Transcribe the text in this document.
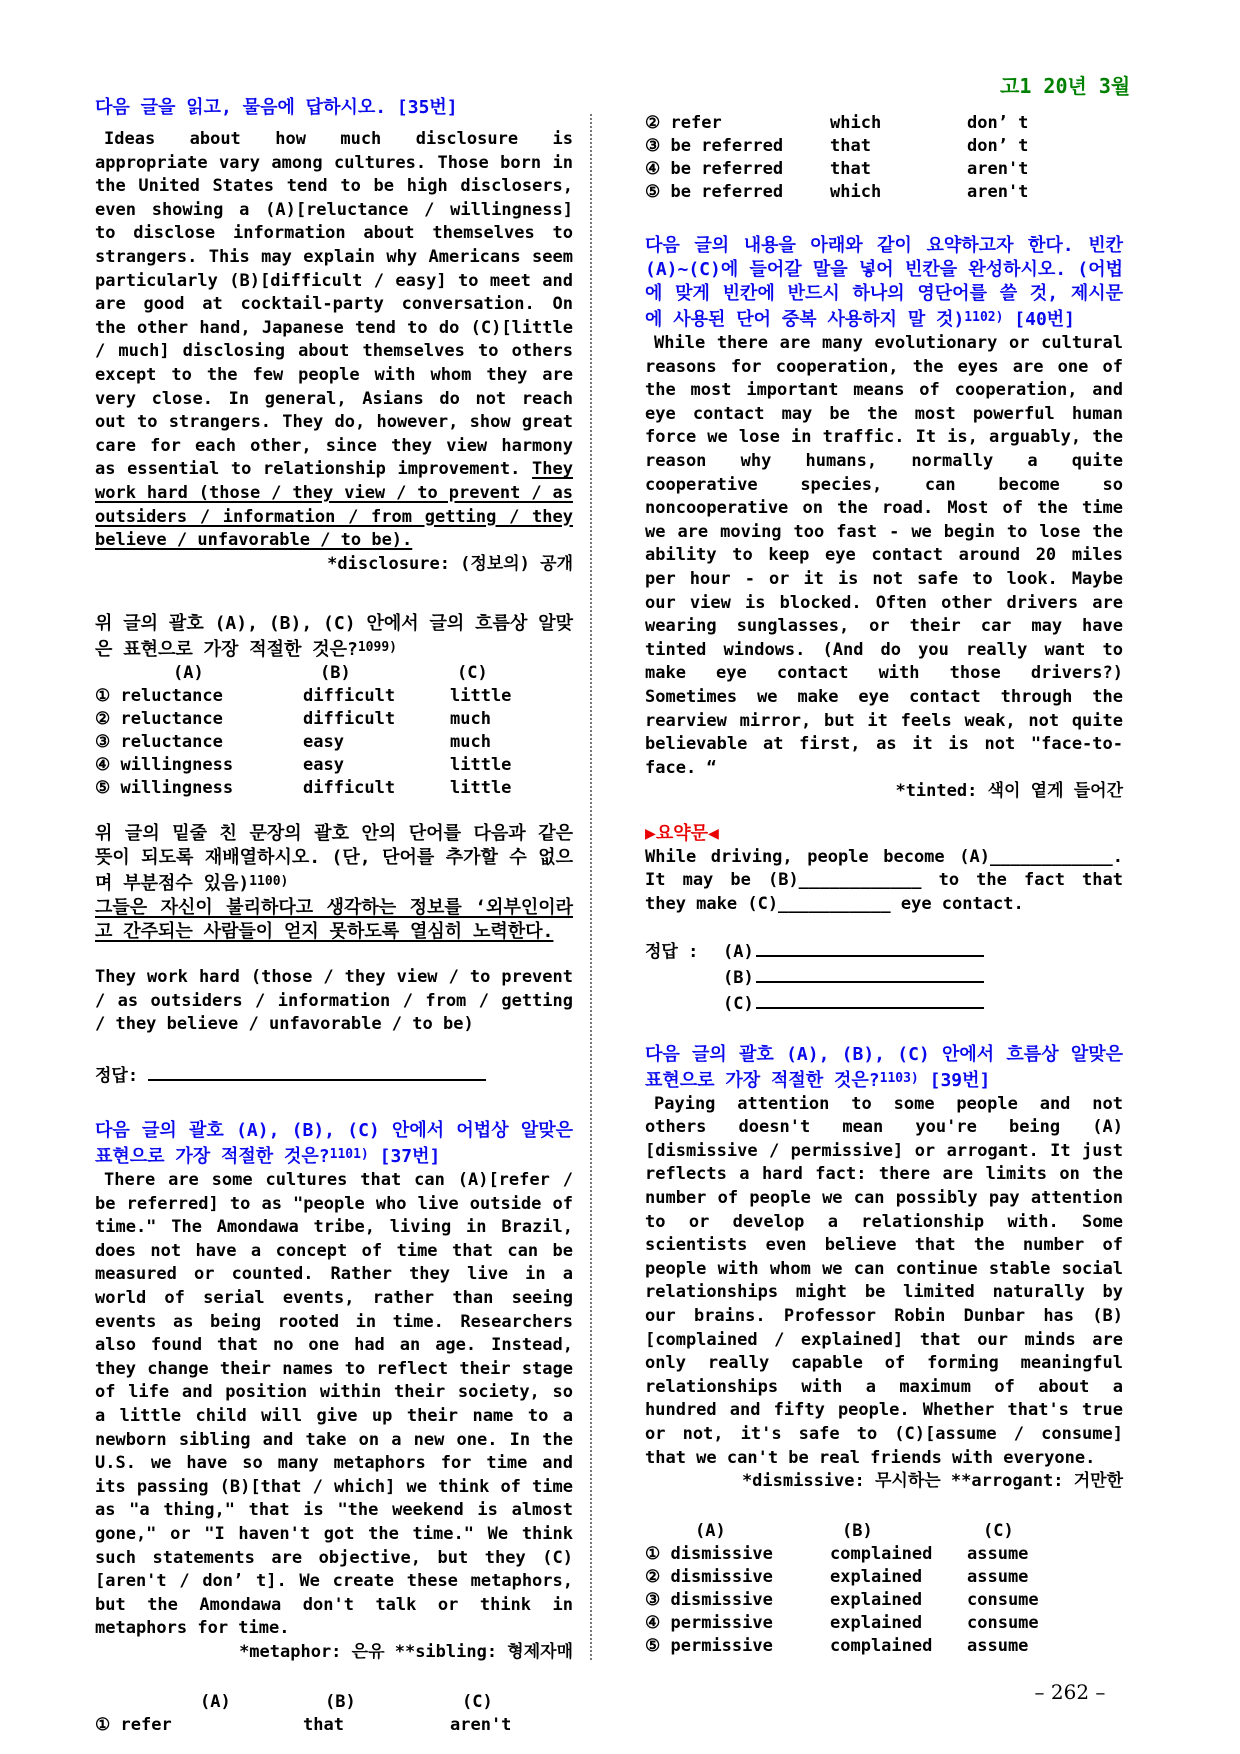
고1 20년 3월
다음 글을 읽고, 물음에 답하시오. [35번]
Ideas about how much disclosure is appropriate vary among cultures. Those born in the United States tend to be high disclosers, even showing a (A)[reluctance / willingness] to disclose information about themselves to strangers. This may explain why Americans seem particularly (B)[difficult / easy] to meet and are good at cocktail-party conversation. On the other hand, Japanese tend to do (C)[little / much] disclosing about themselves to others except to the few people with whom they are very close. In general, Asians do not reach out to strangers. They do, however, show great care for each other, since they view harmony as essential to relationship improvement. They work hard (those / they view / to prevent / as outsiders / information / from getting / they believe / unfavorable / to be).
*disclosure: (정보의) 공개
위 글의 괄호 (A), (B), (C) 안에서 글의 흐름상 알맞은 표현으로 가장 적절한 것은?$^{1099)}$
(A)	(B)	(C)
① reluctance	difficult	little
② reluctance	difficult	much
③ reluctance	easy	much
④ willingness	easy	little
⑤ willingness	difficult	little
위 글의 밑줄 친 문장의 괄호 안의 단어를 다음과 같은 뜻이 되도록 재배열하시오. (단, 단어를 추가할 수 없으며 부분점수 있음)$^{1100)}$
그들은 자신이 불리하다고 생각하는 정보를 ‘외부인이라고 간주되는 사람들이 얻지 못하도록 열심히 노력한다.
They work hard (those / they view / to prevent / as outsiders / information / from / getting / they believe / unfavorable / to be)
정답:
다음 글의 괄호 (A), (B), (C) 안에서 어법상 알맞은 표현으로 가장 적절한 것은?$^{1101)}$ [37번]
There are some cultures that can (A)[refer / be referred] to as "people who live outside of time." The Amondawa tribe, living in Brazil, does not have a concept of time that can be measured or counted. Rather they live in a world of serial events, rather than seeing events as being rooted in time. Researchers also found that no one had an age. Instead, they change their names to reflect their stage of life and position within their society, so a little child will give up their name to a newborn sibling and take on a new one. In the U.S. we have so many metaphors for time and its passing (B)[that / which] we think of time as "a thing," that is "the weekend is almost gone," or "I haven't got the time." We think such statements are objective, but they (C)[aren't / don’ t]. We create these metaphors, but the Amondawa don't talk or think in metaphors for time.
*metaphor: 은유 **sibling: 형제자매
(A)	(B)	(C)
① refer	that	aren't
② refer	which	don’ t
③ be referred	that	don’ t
④ be referred	that	aren't
⑤ be referred	which	aren't
다음 글의 내용을 아래와 같이 요약하고자 한다. 빈칸 (A)~(C)에 들어갈 말을 넣어 빈칸을 완성하시오. (어법에 맞게 빈칸에 반드시 하나의 영단어를 쓸 것, 제시문에 사용된 단어 중복 사용하지 말 것)$^{1102)}$ [40번]
While there are many evolutionary or cultural reasons for cooperation, the eyes are one of the most important means of cooperation, and eye contact may be the most powerful human force we lose in traffic. It is, arguably, the reason why humans, normally a quite cooperative species, can become so noncooperative on the road. Most of the time we are moving too fast - we begin to lose the ability to keep eye contact around 20 miles per hour - or it is not safe to look. Maybe our view is blocked. Often other drivers are wearing sunglasses, or their car may have tinted windows. (And do you really want to make eye contact with those drivers?) Sometimes we make eye contact through the rearview mirror, but it feels weak, not quite believable at first, as it is not "face-to-face. “
*tinted: 색이 옅게 들어간
▶요약문◀
While driving, people become (A)____________. It may be (B)____________ to the fact that they make (C)___________ eye contact.
정답 : (A)
(B)
(C)
다음 글의 괄호 (A), (B), (C) 안에서 흐름상 알맞은 표현으로 가장 적절한 것은?$^{1103)}$ [39번]
Paying attention to some people and not others doesn't mean you're being (A)[dismissive / permissive] or arrogant. It just reflects a hard fact: there are limits on the number of people we can possibly pay attention to or develop a relationship with. Some scientists even believe that the number of people with whom we can continue stable social relationships might be limited naturally by our brains. Professor Robin Dunbar has (B)[complained / explained] that our minds are only really capable of forming meaningful relationships with a maximum of about a hundred and fifty people. Whether that's true or not, it's safe to (C)[assume / consume] that we can't be real friends with everyone.
*dismissive: 무시하는 **arrogant: 거만한
(A)	(B)	(C)
① dismissive	complained	assume
② dismissive	explained	assume
③ dismissive	explained	consume
④ permissive	explained	consume
⑤ permissive	complained	assume
– 262 –
